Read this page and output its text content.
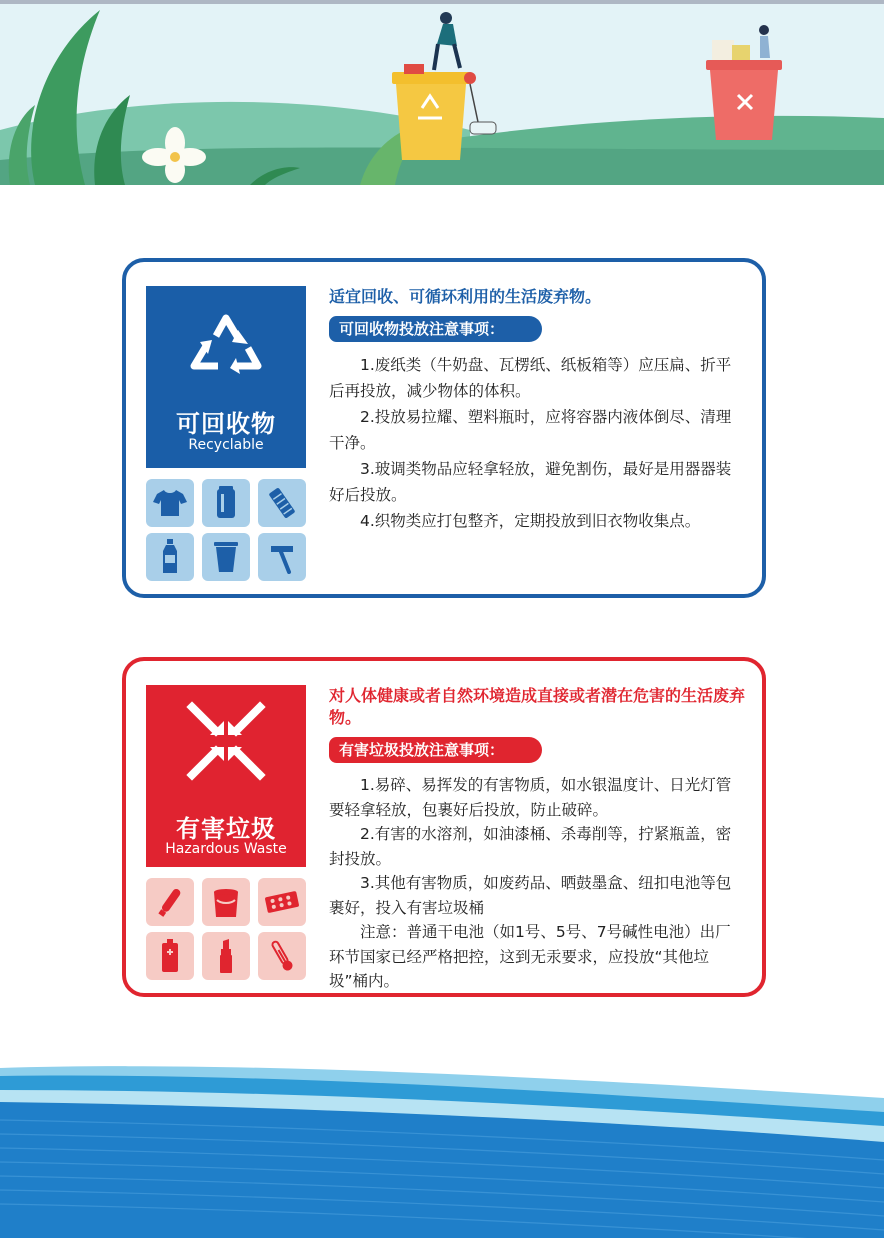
可回收物
Recyclable
适宜回收、可循环利用的生活废弃物。
可回收物投放注意事项：

1.废纸类（牛奶盘、瓦楞纸、纸板箱等）应压扁、折平后再投放，减少物体的体积。

2.投放易拉耀、塑料瓶时，应将容器内液体倒尽、清理干净。

3.玻调类物品应轻拿轻放，避免割伤，最好是用器器装好后投放。

4.织物类应打包整齐，定期投放到旧衣物收集点。

有害垃圾
Hazardous Waste
对人体健康或者自然环境造成直接或者潜在危害的生活废弃物。
有害垃圾投放注意事项：

1.易碎、易挥发的有害物质，如水银温度计、日光灯管要轻拿轻放，包裹好后投放，防止破碎。

2.有害的水溶剂，如油漆桶、杀毒削等，拧紧瓶盖，密封投放。

3.其他有害物质，如废药品、晒鼓墨盒、纽扣电池等包裹好，投入有害垃圾桶

注意：普通干电池（如1号、5号、7号碱性电池）出厂环节国家已经严格把控，这到无汞要求，应投放“其他垃圾”桶内。
